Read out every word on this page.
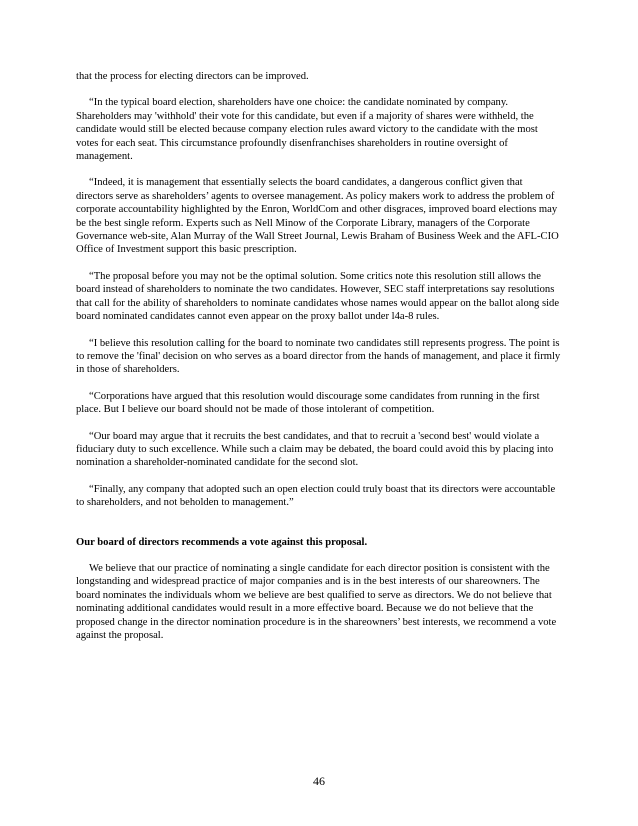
that the process for electing directors can be improved.

“In the typical board election, shareholders have one choice: the candidate nominated by company. Shareholders may 'withhold' their vote for this candidate, but even if a majority of shares were withheld, the candidate would still be elected because company election rules award victory to the candidate with the most votes for each seat. This circumstance profoundly disenfranchises shareholders in routine oversight of management.

“Indeed, it is management that essentially selects the board candidates, a dangerous conflict given that directors serve as shareholders’ agents to oversee management. As policy makers work to address the problem of corporate accountability highlighted by the Enron, WorldCom and other disgraces, improved board elections may be the best single reform. Experts such as Nell Minow of the Corporate Library, managers of the Corporate Governance web-site, Alan Murray of the Wall Street Journal, Lewis Braham of Business Week and the AFL-CIO Office of Investment support this basic prescription.

“The proposal before you may not be the optimal solution. Some critics note this resolution still allows the board instead of shareholders to nominate the two candidates. However, SEC staff interpretations say resolutions that call for the ability of shareholders to nominate candidates whose names would appear on the ballot along side board nominated candidates cannot even appear on the proxy ballot under l4a-8 rules.

“I believe this resolution calling for the board to nominate two candidates still represents progress. The point is to remove the 'final' decision on who serves as a board director from the hands of management, and place it firmly in those of shareholders.

“Corporations have argued that this resolution would discourage some candidates from running in the first place. But I believe our board should not be made of those intolerant of competition.

“Our board may argue that it recruits the best candidates, and that to recruit a 'second best' would violate a fiduciary duty to such excellence. While such a claim may be debated, the board could avoid this by placing into nomination a shareholder-nominated candidate for the second slot.

“Finally, any company that adopted such an open election could truly boast that its directors were accountable to shareholders, and not beholden to management.”

Our board of directors recommends a vote against this proposal.

We believe that our practice of nominating a single candidate for each director position is consistent with the longstanding and widespread practice of major companies and is in the best interests of our shareowners. The board nominates the individuals whom we believe are best qualified to serve as directors. We do not believe that nominating additional candidates would result in a more effective board. Because we do not believe that the proposed change in the director nomination procedure is in the shareowners’ best interests, we recommend a vote against the proposal.

46
